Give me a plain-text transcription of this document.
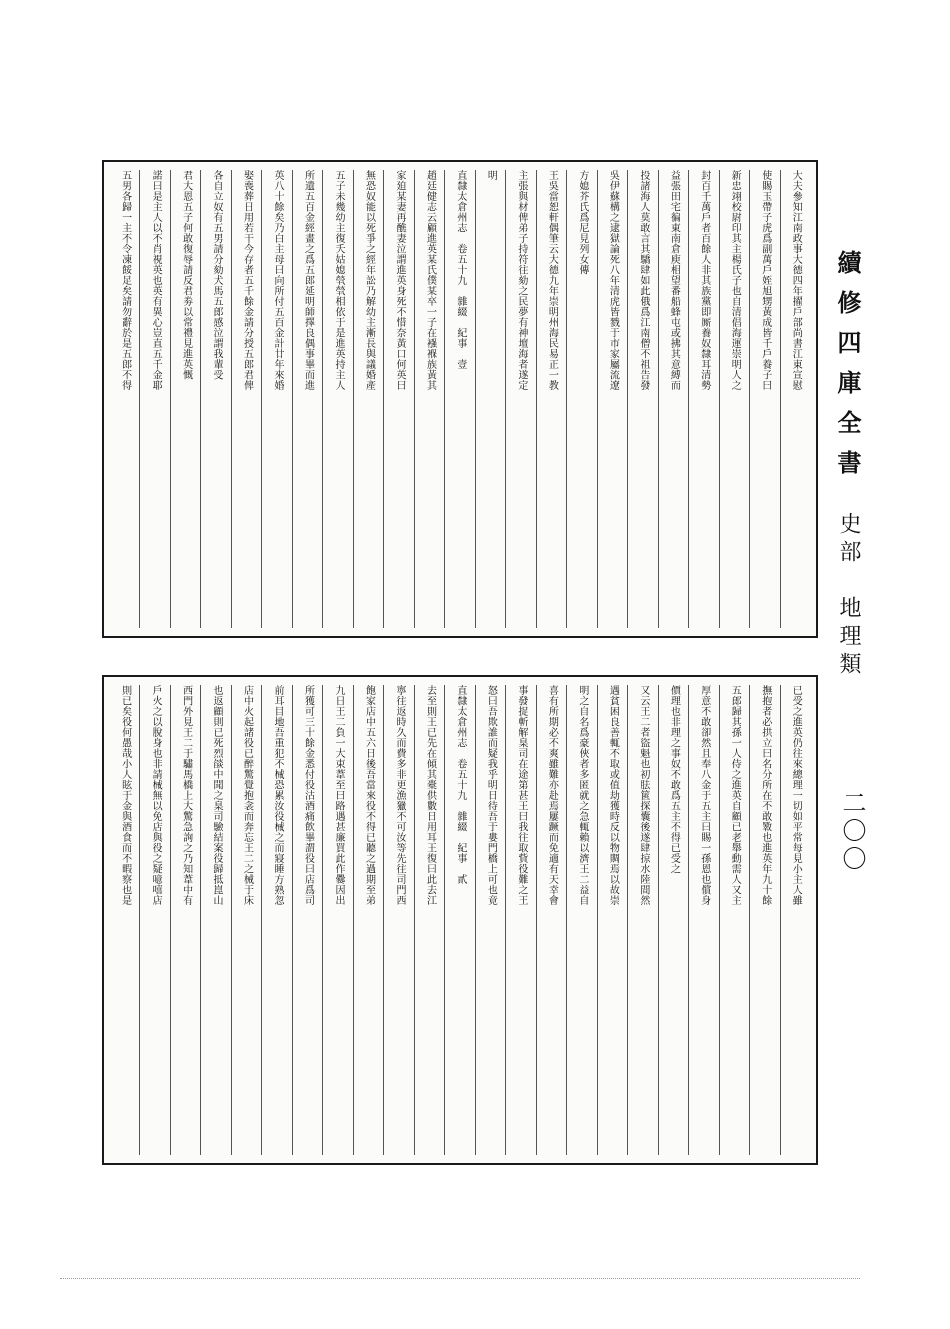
續修四庫全書
史部　地理類
二〇〇
大夫參知江南政事大德四年擢戶部尚書江東宣慰
使賜玉帶子虎爲副萬戶姪旭甥黃成皆千戶養子曰
新忠翊校尉印其主楊氏子也自清倡海運崇明人之
封百千萬戶者百餘人非其族黨即厮養奴隸耳清勢
益張田宅徧東南倉庾相望番船蜂屯或拂其意縛而
投諸海人莫敢言其驕肆如此俄爲江南僧不祖告發
吳伊蘇構之逮獄論死八年清虎皆戮于市家屬流遼
方媳芥氏爲尼見列女傳
王吳當恕軒偶筆云大德九年崇明州海民易正一教
主張與材俾弟子持符往劾之民夢有神壇海者遂定
明
直隸太倉州志　卷五十九　雜綴　紀事　壹
趙廷健志云顧進英某氏僕某卒一子在襁褓族黃其
家廹某妻再醮妻泣謂進英身死不惜奈黃口何英曰
無恐奴能以死爭之經年訟乃解幼主漸長與議婚產
五子未幾幼主復夭姑媳煢煢相依于是進英持主人
所遺五百金經畫之爲五郎延明師擇良偶事畢而進
英八十餘矣乃白主母曰向所付五百金計廿年來婚
娶喪葬日用若干今存者五千餘金請分授五郎君俾
各自立奴有五男請分劾犬馬五郎感泣謂我輩受
君大恩五子何敢復辱請反君劵以常禮見進英慨
諾曰是主人以不肖視英也英有異心豈直五千金耶
五男各歸一主不令凍餒足矣請勿辭於是五郎不得
已受之進英仍往來總理一切如平常每見小主人雖
撫抱者必拱立曰名分所在不敢斁也進英年九十餘
五郎歸其孫一人侍之進英自顧已老舉動需人又主
厚意不敢卻然且奉八金于五主曰賜一孫恩也償身
價理也非理之事奴不敢爲五主不得已受之
又云王二者盜魁也初胠篋探囊後遂肆掠水陸間然
遇貧困良善輒不取或值劫獲時反以物賙焉以故崇
明之自名爲豪俠者多匿就之急輒賴以濟王二益自
喜有所期必不爽雖難亦赴焉屢蹶而免適有天幸會
事發捉斬解臬司在途第甚王曰我往取貲役難之王
怒曰吾欺誰而疑我乎明日待吾于婁門橋上可也竟
直隸太倉州志　卷五十九　雜綴　紀事　貳
去至則王已先在傾其橐供數日用耳王復曰此去江
寧往返時久而費多非更漁獵不可汝等先往司門西
飽家店中五六日後吾當來役不得已聽之過期至弟
九日王二負一大束葦至曰路遇甚廉買此作爨因出
所獲可三十餘金悉付役沽酒痛飲畢謂役曰店爲司
前耳目地吾重犯不械恐累汝役械之而寢睡方熟忽
店中火起諸役已醉驚覺抱衾而奔忘王二之械于床
也返顧則已死烈燄中聞之臬司驗結案役歸抵崑山
西門外見王二于驌馬橋上大驚急詢之乃知葦中有
戶火之以脫身也非請械無以免店與役之疑噫嘻店
則已矣役何愚哉小人眩于金與酒食而不暇察也是
